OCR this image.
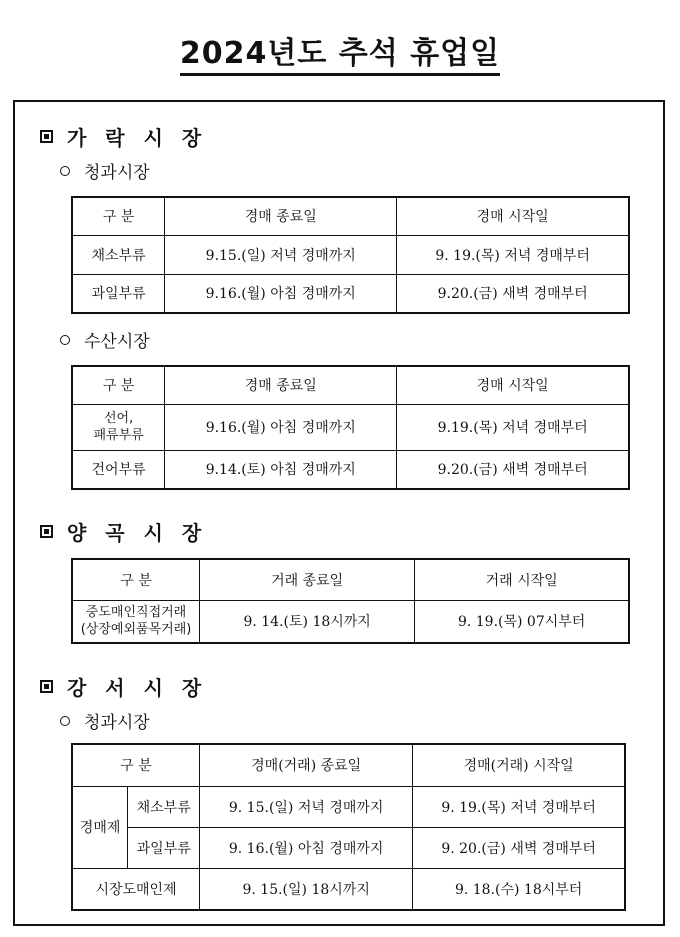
2024년도 추석 휴업일
가 락 시 장
청과시장
구 분	경매 종료일	경매 시작일
채소부류	9.15.(일) 저녁 경매까지	9. 19.(목) 저녁 경매부터
과일부류	9.16.(월) 아침 경매까지	9.20.(금) 새벽 경매부터
수산시장
구 분	경매 종료일	경매 시작일

선어,
패류부류	9.16.(월) 아침 경매까지	9.19.(목) 저녁 경매부터
건어부류	9.14.(토) 아침 경매까지	9.20.(금) 새벽 경매부터
양 곡 시 장
구 분	거래 종료일	거래 시작일

중도매인직접거래
(상장예외품목거래)	9. 14.(토) 18시까지	9. 19.(목) 07시부터
강 서 시 장
청과시장
구 분		경매(거래) 종료일	경매(거래) 시작일
경매제	채소부류	9. 15.(일) 저녁 경매까지	9. 19.(목) 저녁 경매부터
	과일부류	9. 16.(월) 아침 경매까지	9. 20.(금) 새벽 경매부터
시장도매인제		9. 15.(일) 18시까지	9. 18.(수) 18시부터
